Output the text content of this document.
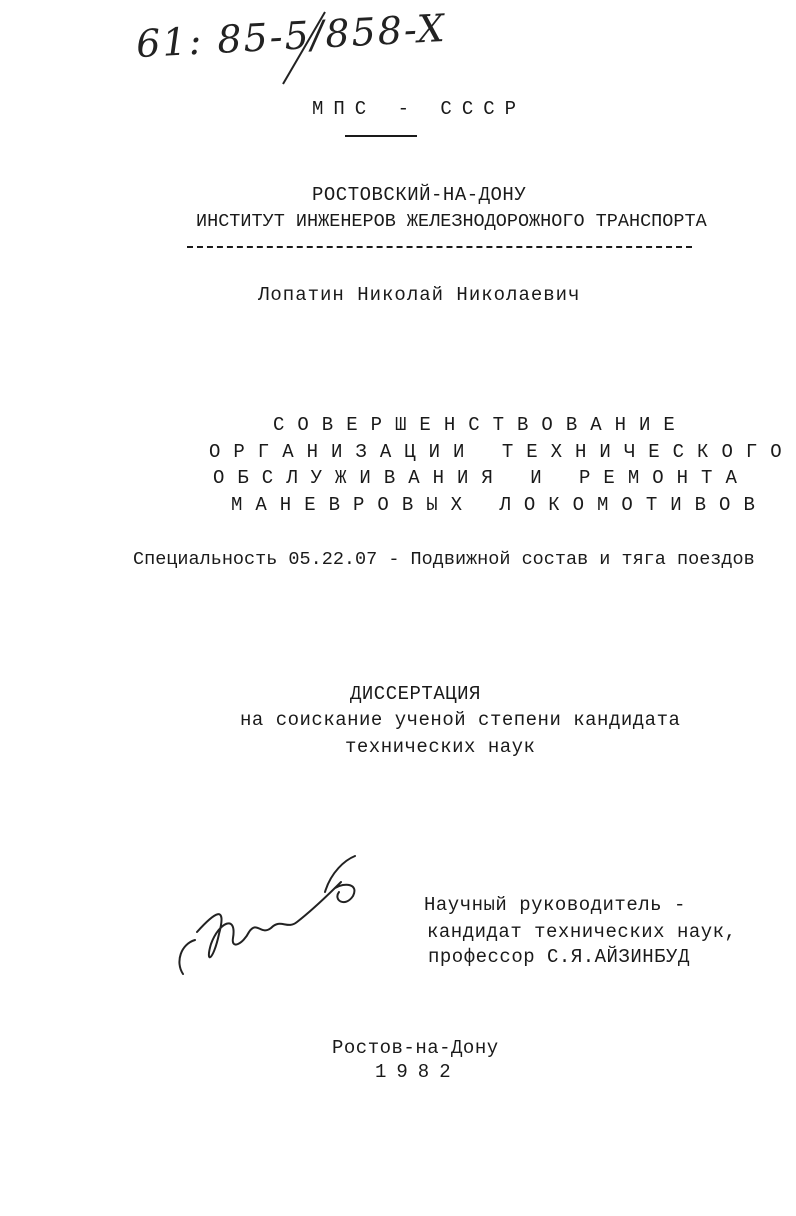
61: 85-5/858-X
МПС - СССР
РОСТОВСКИЙ-НА-ДОНУ
ИНСТИТУТ ИНЖЕНЕРОВ ЖЕЛЕЗНОДОРОЖНОГО ТРАНСПОРТА
Лопатин Николай Николаевич
СОВЕРШЕНСТВОВАНИЕ
ОРГАНИЗАЦИИ ТЕХНИЧЕСКОГО
ОБСЛУЖИВАНИЯ И РЕМОНТА
МАНЕВРОВЫХ ЛОКОМОТИВОВ
Специальность 05.22.07 - Подвижной состав и тяга поездов
ДИССЕРТАЦИЯ
на соискание ученой степени кандидата
технических наук
Научный руководитель -
кандидат технических наук,
профессор С.Я.АЙЗИНБУД
Ростов-на-Дону
1982
